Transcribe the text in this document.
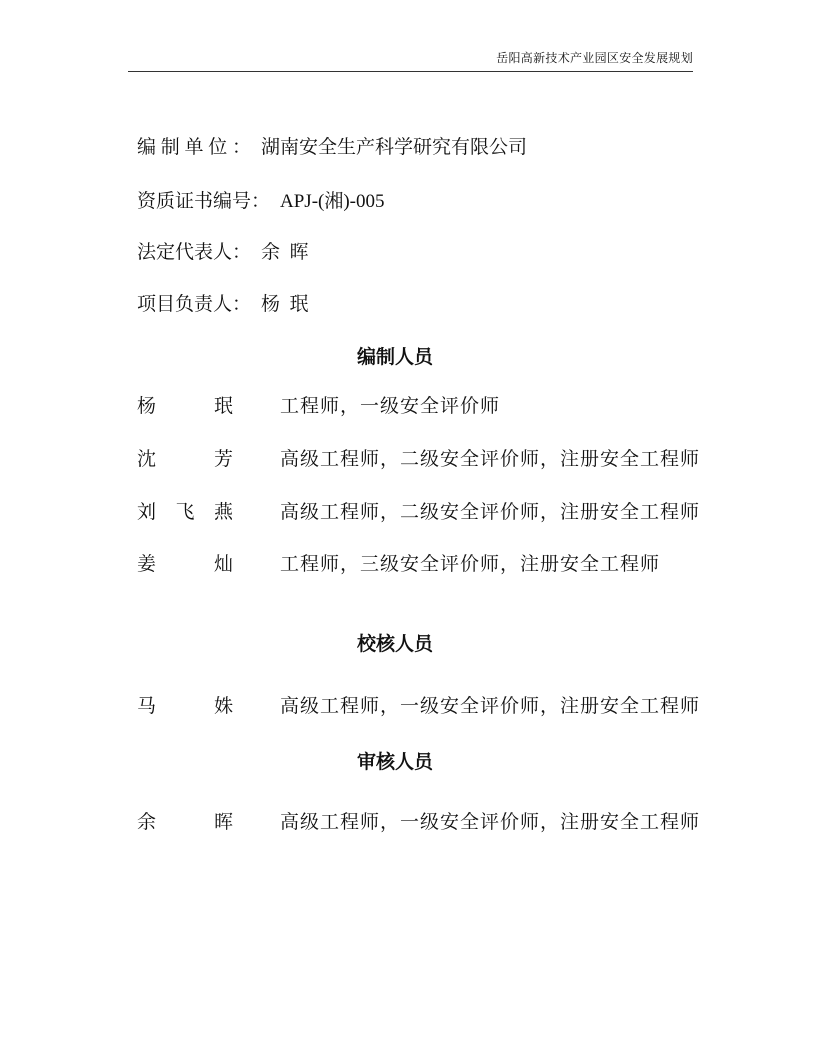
岳阳高新技术产业园区安全发展规划

编 制 单 位 ： 湖南安全生产科学研究有限公司

资质证书编号： APJ-(湘)-005

法定代表人： 余  晖

项目负责人： 杨  珉

编制人员
杨	珉 工程师，一级安全评价师
沈	芳 高级工程师，二级安全评价师，注册安全工程师
刘 飞 燕 高级工程师，二级安全评价师，注册安全工程师
姜	灿 工程师，三级安全评价师，注册安全工程师
校核人员
马	姝 高级工程师，一级安全评价师，注册安全工程师
审核人员
余	晖 高级工程师，一级安全评价师，注册安全工程师
